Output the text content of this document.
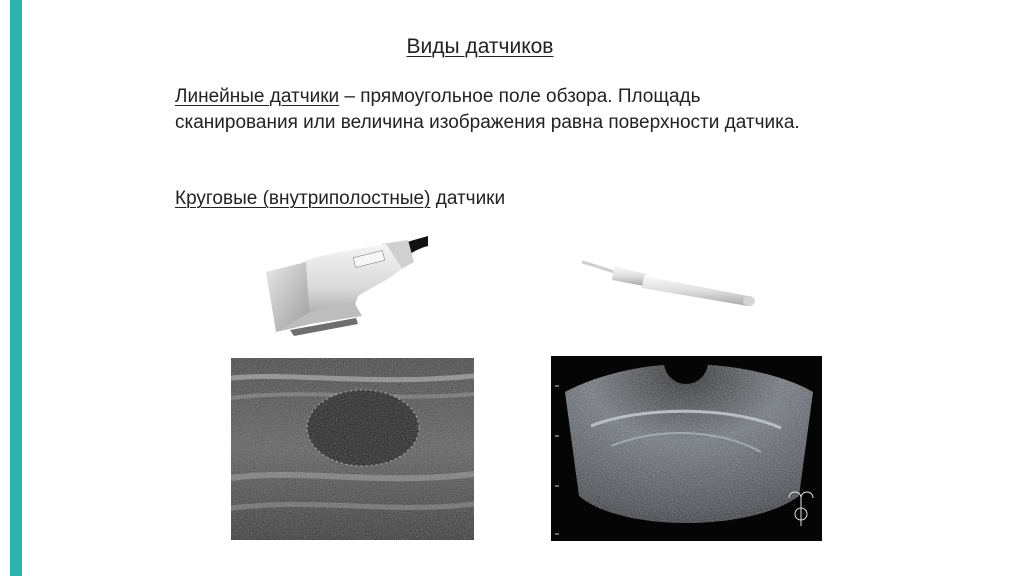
Виды датчиков
Линейные датчики – прямоугольное поле обзора. Площадь сканирования или величина изображения равна поверхности датчика.
Круговые (внутриполостные) датчики
